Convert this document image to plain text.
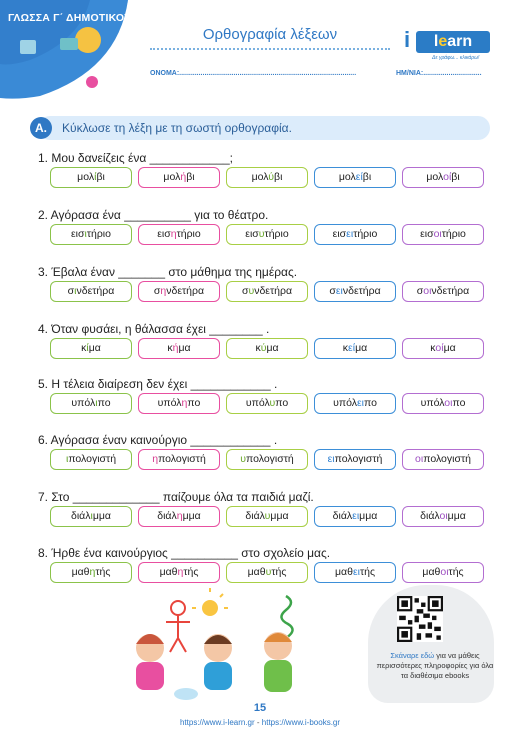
ΓΛΩΣΣΑ Γ΄ ΔΗΜΟΤΙΚΟΥ
Ορθογραφία λέξεων	i	learn
Δε γράφω... κλικάρω!
ΟΝΟΜΑ:...........................................................................................	ΗΜ/ΝΙΑ:..............................
A.	Κύκλωσε τη λέξη με τη σωστή ορθογραφία.
1. Μου δανείζεις ένα ____________;
μολίβι	μολήβι	μολύβι	μολείβι	μολοίβι
2. Αγόρασα ένα __________ για το θέατρο.
εισιτήριο	εισητήριο	εισυτήριο	εισειτήριο	εισοιτήριο
3. Έβαλα έναν _______ στο μάθημα της ημέρας.
σινδετήρα	σηνδετήρα	συνδετήρα	σεινδετήρα	σοινδετήρα
4. Όταν φυσάει, η θάλασσα έχει ________ .
κίμα	κήμα	κύμα	κείμα	κοίμα
5. Η τέλεια διαίρεση δεν έχει ____________ .
υπόλιπο	υπόληπο	υπόλυπο	υπόλειπο	υπόλοιπο
6. Αγόρασα έναν καινούργιο ____________ .
ιπολογιστή	ηπολογιστή	υπολογιστή	ειπολογιστή	οιπολογιστή
7. Στο _____________ παίζουμε όλα τα παιδιά μαζί.
διάλιμμα	διάλημμα	διάλυμμα	διάλειμμα	διάλοιμμα
8. Ήρθε ένα καινούργιος __________ στο σχολείο μας.
μαθητής	μαθητής	μαθυτής	μαθειτής	μαθοιτής
Σκάναρε εδώ για να μάθεις περισσότερες πληροφορίες για όλα τα διαθέσιμα ebooks
15
https://www.i-learn.gr - https://www.i-books.gr
